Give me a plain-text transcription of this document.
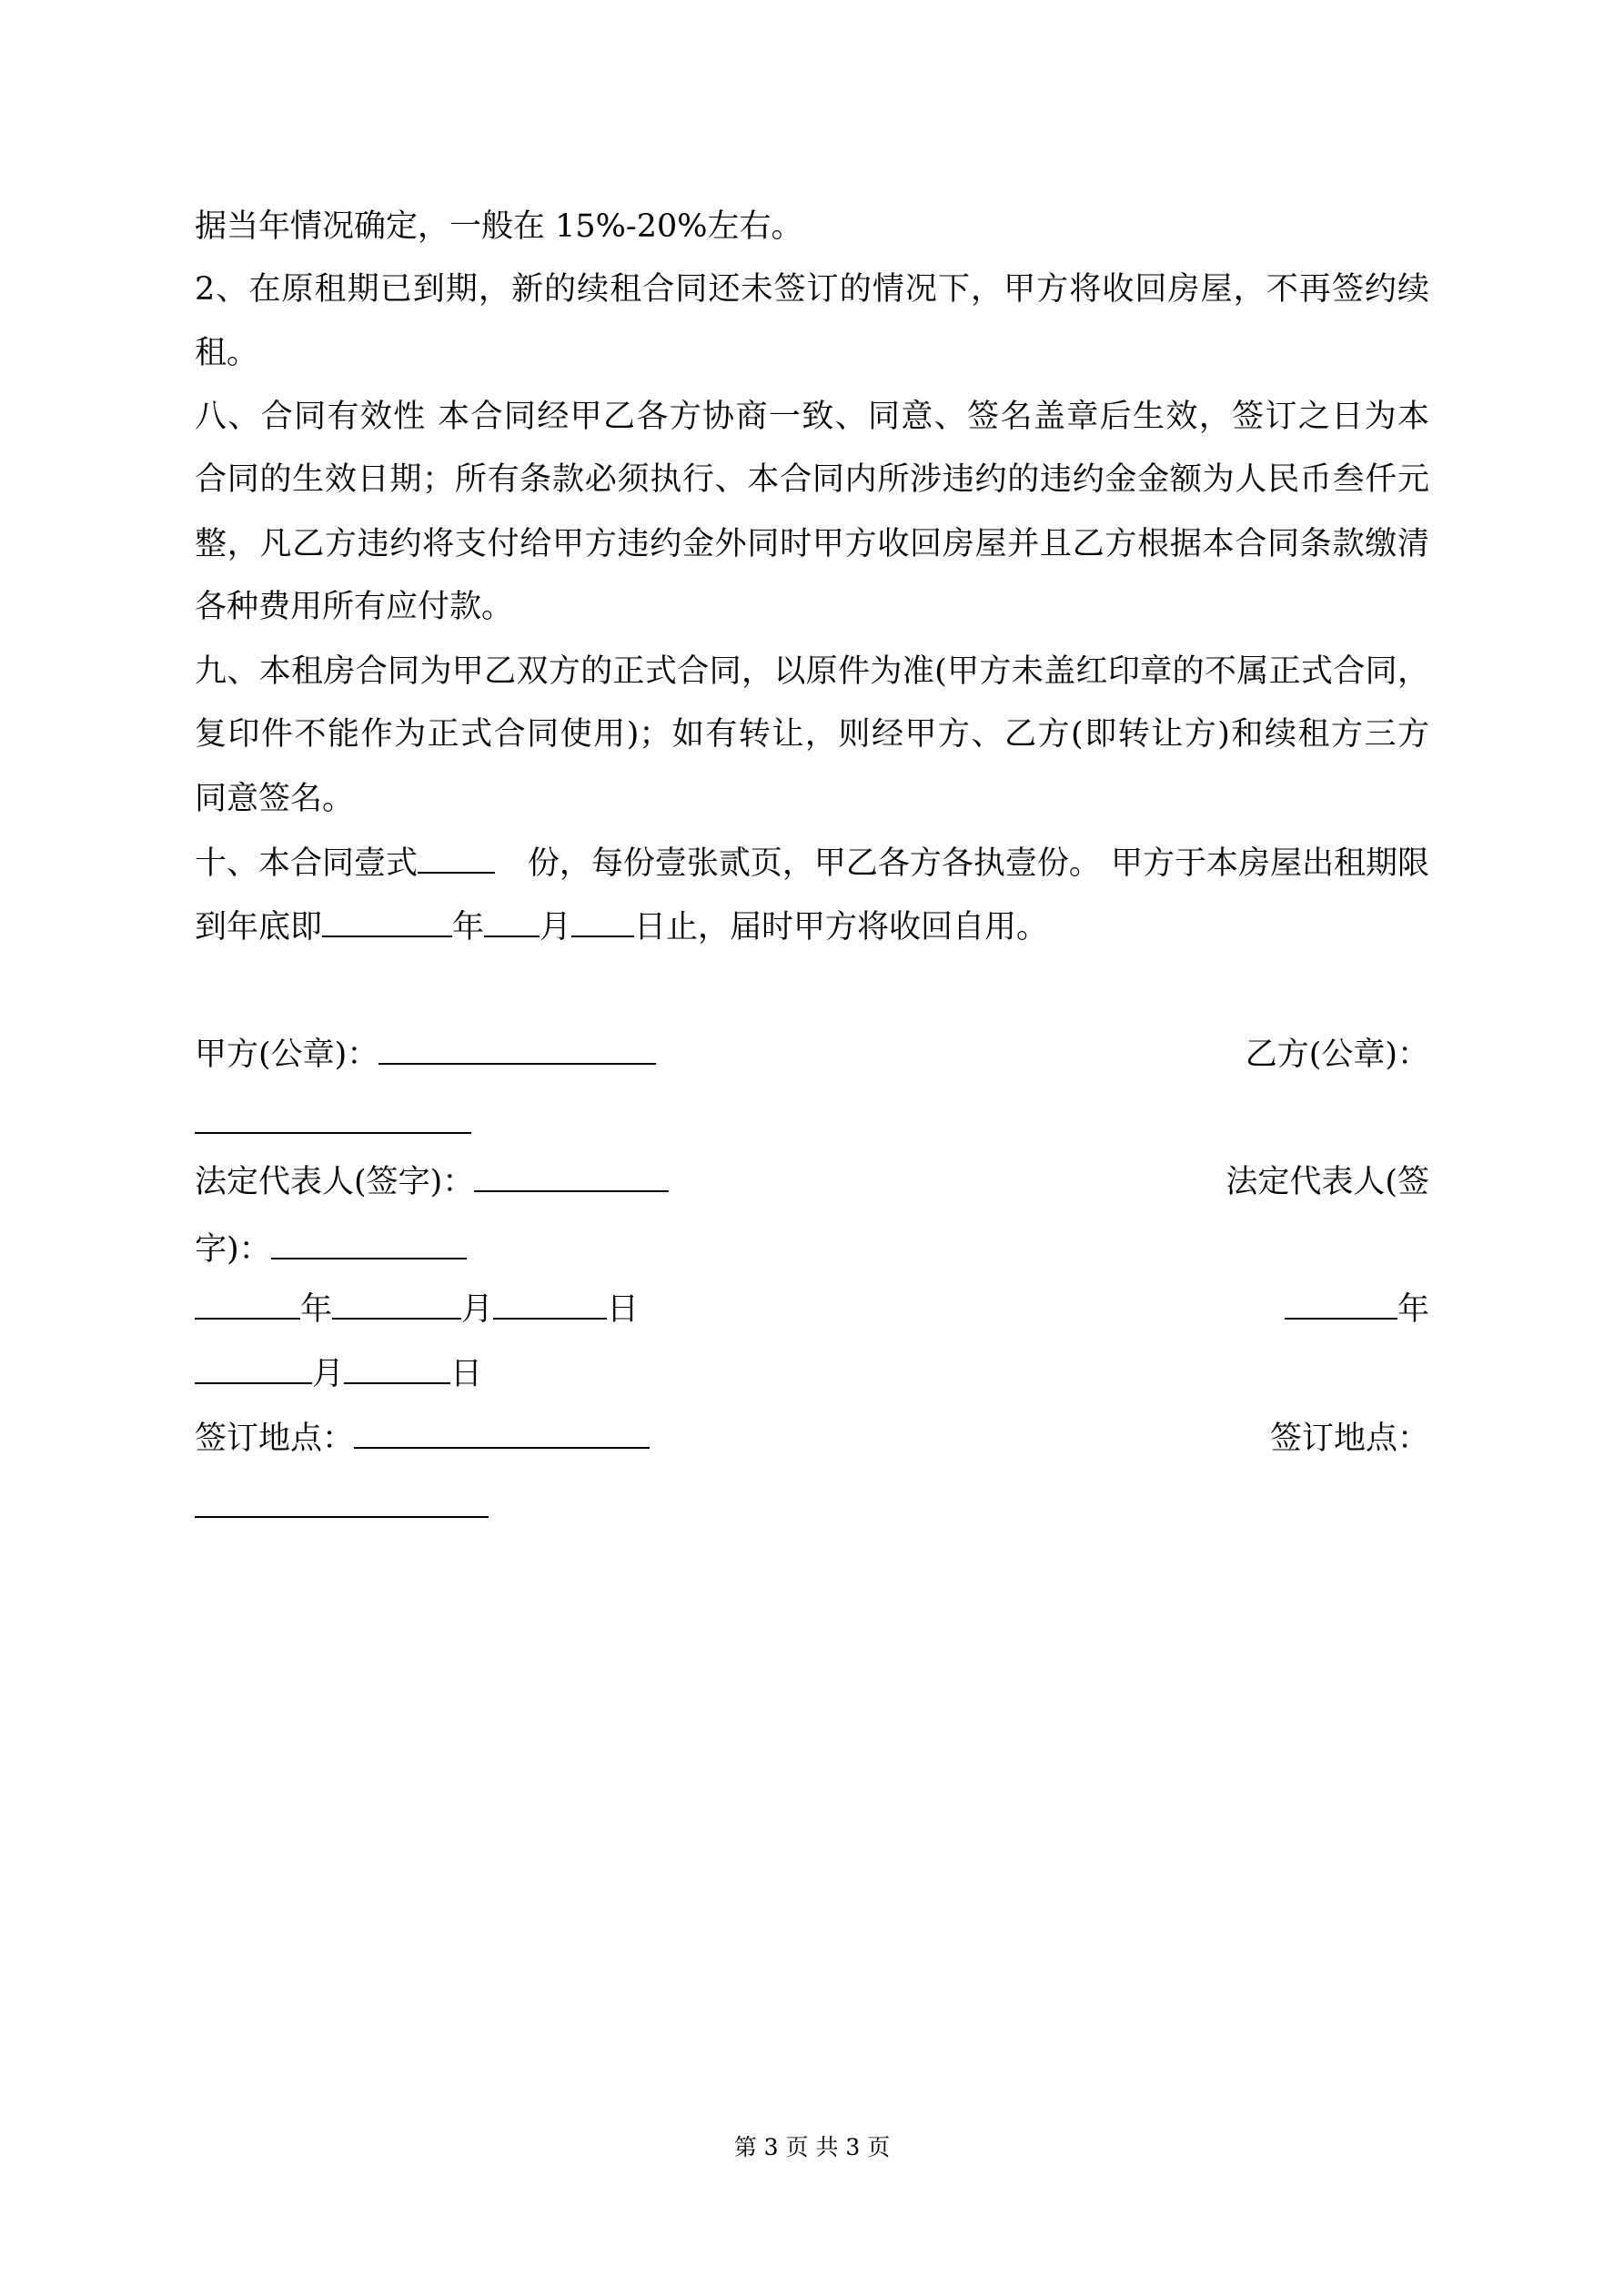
据当年情况确定，一般在 15%-20%左右。
2、在原租期已到期，新的续租合同还未签订的情况下，甲方将收回房屋，不再签约续
租。
八、合同有效性 本合同经甲乙各方协商一致、同意、签名盖章后生效，签订之日为本
合同的生效日期；所有条款必须执行、本合同内所涉违约的违约金金额为人民币叁仟元
整，凡乙方违约将支付给甲方违约金外同时甲方收回房屋并且乙方根据本合同条款缴清
各种费用所有应付款。
九、本租房合同为甲乙双方的正式合同，以原件为准(甲方未盖红印章的不属正式合同，
复印件不能作为正式合同使用)；如有转让，则经甲方、乙方(即转让方)和续租方三方
同意签名。
十、本合同壹式	份，每份壹张贰页，甲乙各方各执壹份。 甲方于本房屋出租期限
到年底即	年 月 日止，届时甲方将收回自用。
甲方(公章)：	乙方(公章)：
法定代表人(签字)：	法定代表人(签
字)：
年	月	日	年
月	日
签订地点：	签订地点：
第 3 页 共 3 页
